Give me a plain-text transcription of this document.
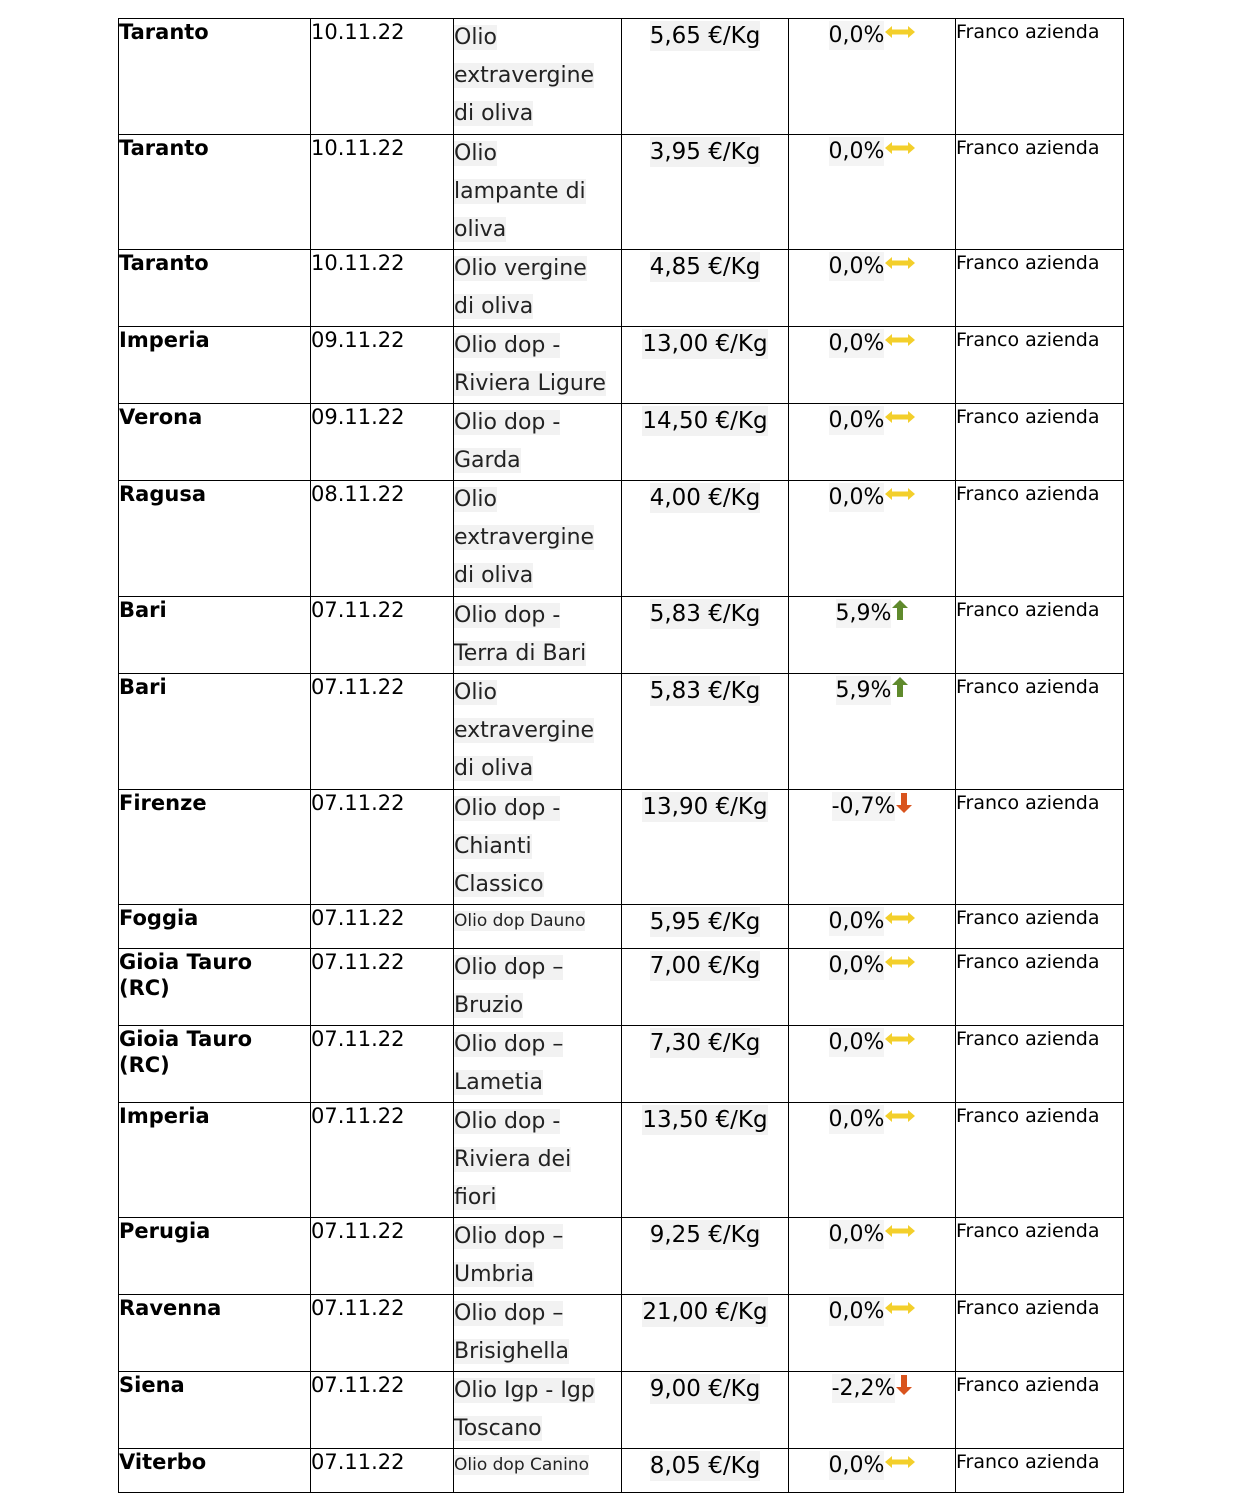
Taranto	10.11.22	Olio
extravergine
di oliva	5,65 €/Kg	0,0%	Franco azienda
Taranto	10.11.22	Olio
lampante di
oliva	3,95 €/Kg	0,0%	Franco azienda
Taranto	10.11.22	Olio vergine
di oliva	4,85 €/Kg	0,0%	Franco azienda
Imperia	09.11.22	Olio dop -
Riviera Ligure	13,00 €/Kg	0,0%	Franco azienda
Verona	09.11.22	Olio dop -
Garda	14,50 €/Kg	0,0%	Franco azienda
Ragusa	08.11.22	Olio
extravergine
di oliva	4,00 €/Kg	0,0%	Franco azienda
Bari	07.11.22	Olio dop -
Terra di Bari	5,83 €/Kg	5,9%	Franco azienda
Bari	07.11.22	Olio
extravergine
di oliva	5,83 €/Kg	5,9%	Franco azienda
Firenze	07.11.22	Olio dop -
Chianti
Classico	13,90 €/Kg	-0,7%	Franco azienda
Foggia	07.11.22	Olio dop Dauno	5,95 €/Kg	0,0%	Franco azienda
Gioia Tauro (RC)	07.11.22	Olio dop –
Bruzio	7,00 €/Kg	0,0%	Franco azienda
Gioia Tauro (RC)	07.11.22	Olio dop –
Lametia	7,30 €/Kg	0,0%	Franco azienda
Imperia	07.11.22	Olio dop -
Riviera dei
fiori	13,50 €/Kg	0,0%	Franco azienda
Perugia	07.11.22	Olio dop –
Umbria	9,25 €/Kg	0,0%	Franco azienda
Ravenna	07.11.22	Olio dop –
Brisighella	21,00 €/Kg	0,0%	Franco azienda
Siena	07.11.22	Olio Igp - Igp
Toscano	9,00 €/Kg	-2,2%	Franco azienda
Viterbo	07.11.22	Olio dop Canino	8,05 €/Kg	0,0%	Franco azienda
